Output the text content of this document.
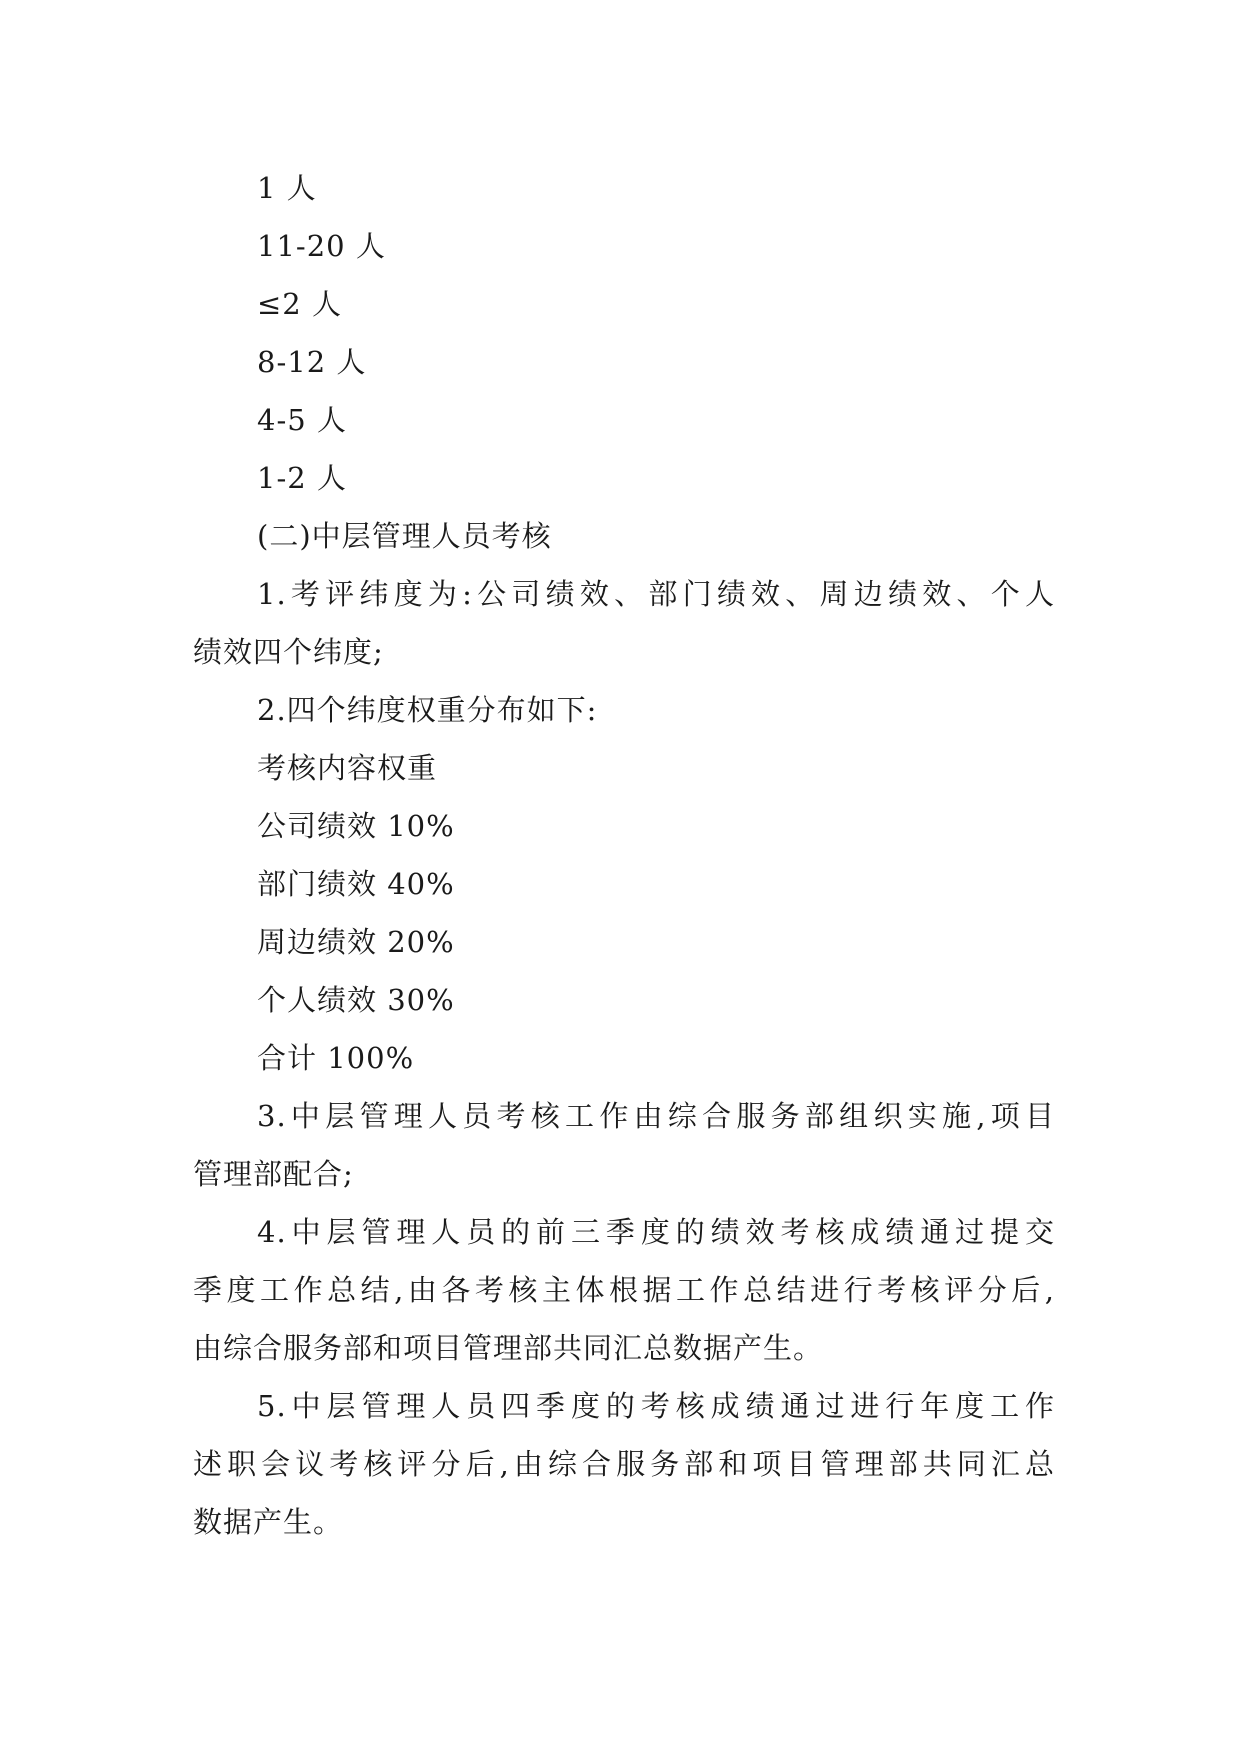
1 人
11-20 人
≤2 人
8-12 人
4-5 人
1-2 人
(二)中层管理人员考核
1.考评纬度为:公司绩效、部门绩效、周边绩效、个人
绩效四个纬度;
2.四个纬度权重分布如下:
考核内容权重
公司绩效 10%
部门绩效 40%
周边绩效 20%
个人绩效 30%
合计 100%
3.中层管理人员考核工作由综合服务部组织实施,项目
管理部配合;
4.中层管理人员的前三季度的绩效考核成绩通过提交
季度工作总结,由各考核主体根据工作总结进行考核评分后,
由综合服务部和项目管理部共同汇总数据产生。
5.中层管理人员四季度的考核成绩通过进行年度工作
述职会议考核评分后,由综合服务部和项目管理部共同汇总
数据产生。
